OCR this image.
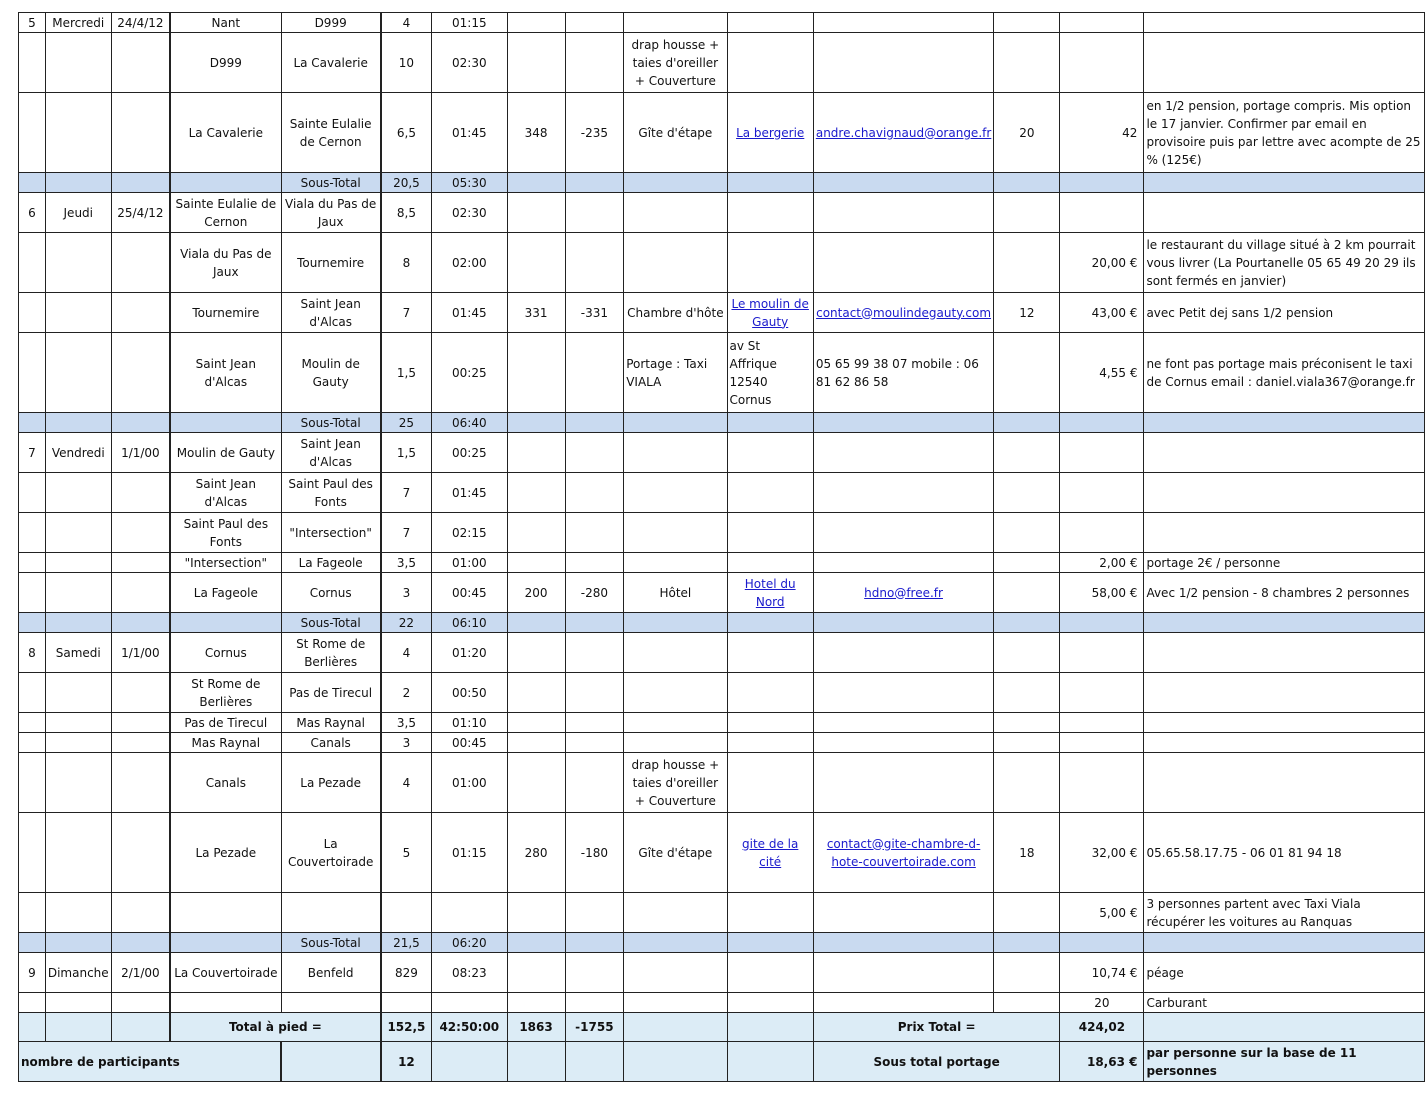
5	Mercredi	24/4/12	Nant	D999	4	01:15								
			D999	La Cavalerie	10	02:30			drap housse + taies d'oreiller + Couverture					
			La Cavalerie	Sainte Eulalie de Cernon	6,5	01:45	348	-235	Gîte d'étape	La bergerie	andre.chavignaud@orange.fr	20	42	en 1/2 pension, portage compris. Mis option le 17 janvier. Confirmer par email en provisoire puis par lettre avec acompte de 25 % (125€)
				Sous-Total	20,5	05:30								
6	Jeudi	25/4/12	Sainte Eulalie de Cernon	Viala du Pas de Jaux	8,5	02:30								
			Viala du Pas de Jaux	Tournemire	8	02:00							20,00 €	le restaurant du village situé à 2 km pourrait vous livrer (La Pourtanelle 05 65 49 20 29 ils sont fermés en janvier)
			Tournemire	Saint Jean d'Alcas	7	01:45	331	-331	Chambre d'hôte	Le moulin de Gauty	contact@moulindegauty.com	12	43,00 €	avec Petit dej sans 1/2 pension
			Saint Jean d'Alcas	Moulin de Gauty	1,5	00:25			Portage : Taxi VIALA	av St Affrique 12540 Cornus	05 65 99 38 07 mobile : 06 81 62 86 58		4,55 €	ne font pas portage mais préconisent le taxi de Cornus email : daniel.viala367@orange.fr
				Sous-Total	25	06:40								
7	Vendredi	1/1/00	Moulin de Gauty	Saint Jean d'Alcas	1,5	00:25								
			Saint Jean d'Alcas	Saint Paul des Fonts	7	01:45								
			Saint Paul des Fonts	"Intersection"	7	02:15								
			"Intersection"	La Fageole	3,5	01:00							2,00 €	portage 2€ / personne
			La Fageole	Cornus	3	00:45	200	-280	Hôtel	Hotel du Nord	hdno@free.fr		58,00 €	Avec 1/2 pension - 8 chambres 2 personnes
				Sous-Total	22	06:10								
8	Samedi	1/1/00	Cornus	St Rome de Berlières	4	01:20								
			St Rome de Berlières	Pas de Tirecul	2	00:50								
			Pas de Tirecul	Mas Raynal	3,5	01:10								
			Mas Raynal	Canals	3	00:45								
			Canals	La Pezade	4	01:00			drap housse + taies d'oreiller + Couverture					
			La Pezade	La Couvertoirade	5	01:15	280	-180	Gîte d'étape	gite de la cité	contact@gite-chambre-d-hote-couvertoirade.com	18	32,00 €	05.65.58.17.75 - 06 01 81 94 18
													5,00 €	3 personnes partent avec Taxi Viala récupérer les voitures au Ranquas
				Sous-Total	21,5	06:20								
9	Dimanche	2/1/00	La Couvertoirade	Benfeld	829	08:23							10,74 €	péage
													20	Carburant
			Total à pied =		152,5	42:50:00	1863	-1755			Prix Total =		424,02	
nombre de participants					12						Sous total portage		18,63 €	par personne sur la base de 11 personnes
